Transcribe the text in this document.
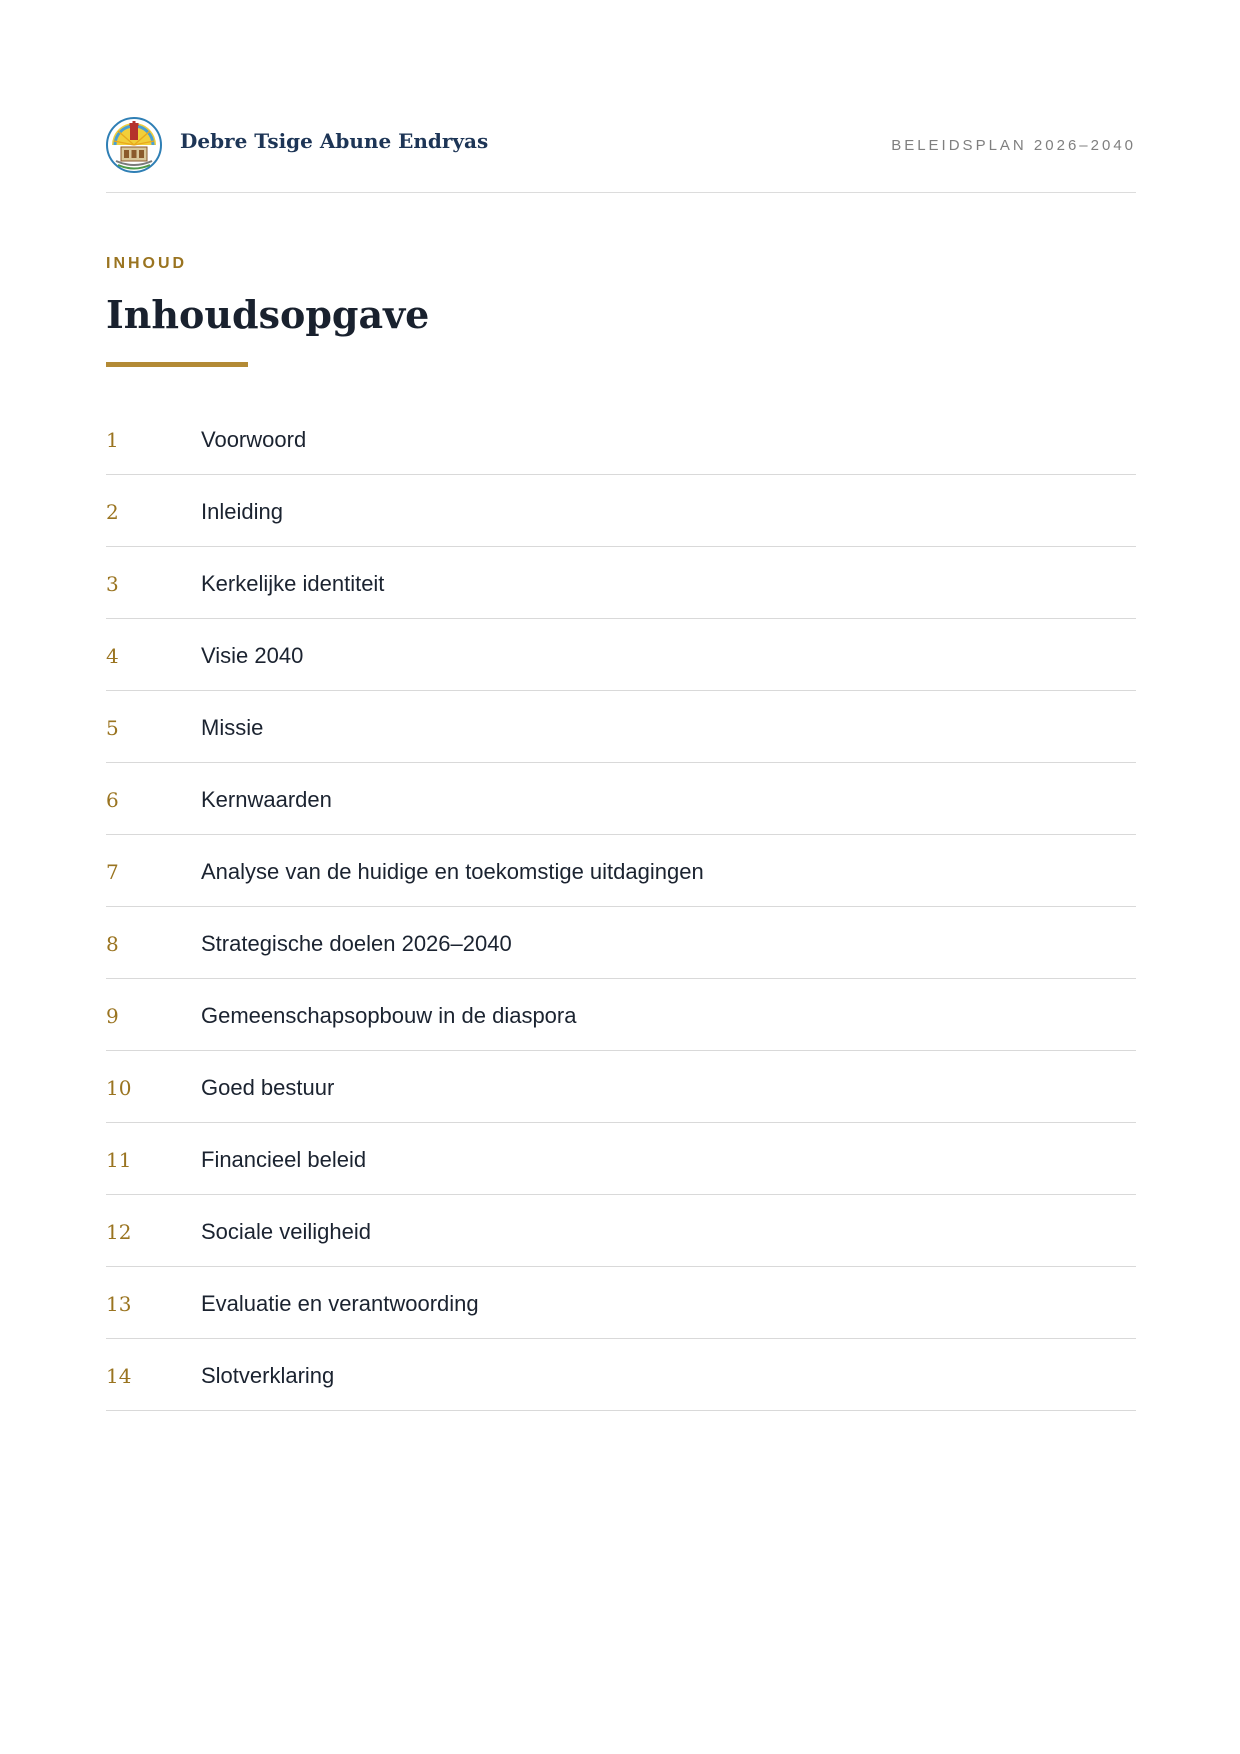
Debre Tsige Abune Endryas	BELEIDSPLAN 2026–2040
INHOUD
Inhoudsopgave
1	Voorwoord
2	Inleiding
3	Kerkelijke identiteit
4	Visie 2040
5	Missie
6	Kernwaarden
7	Analyse van de huidige en toekomstige uitdagingen
8	Strategische doelen 2026–2040
9	Gemeenschapsopbouw in de diaspora
10	Goed bestuur
11	Financieel beleid
12	Sociale veiligheid
13	Evaluatie en verantwoording
14	Slotverklaring
